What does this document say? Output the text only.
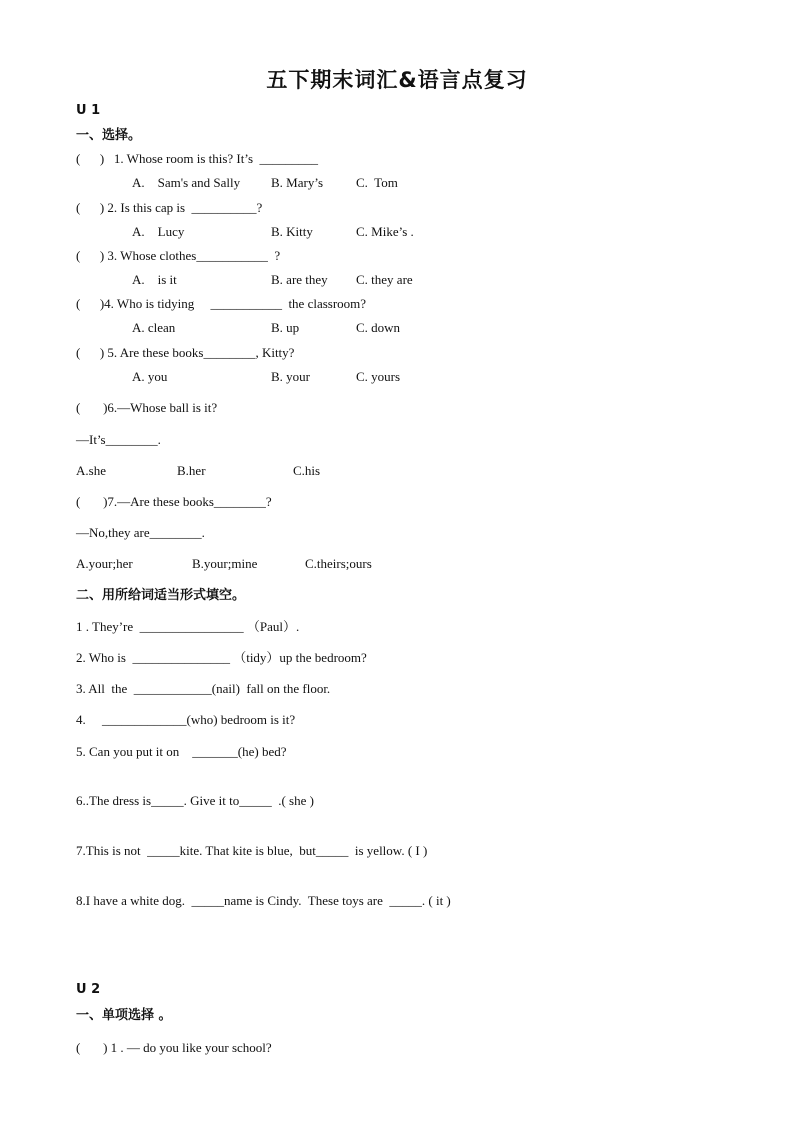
五下期末词汇&语言点复习
U 1
一、选择。
(      )   1. Whose room is this? It’s  _________
A.    Sam's and Sally B. Mary’s	C.  Tom
(      ) 2. Is this cap is  __________?
A.    Lucy	B. Kitty	C. Mike’s .
(      ) 3. Whose clothes___________  ?
A.    is it	B. are they C. they are
(      )4. Who is tidying     ___________  the classroom?
A. clean	B. up	C. down
(      ) 5. Are these books________, Kitty?
A. you	B. your	C. yours
(       )6.—Whose ball is it?
—It’s________.
A.she	B.her	C.his
(       )7.—Are these books________?
—No,they are________.
A.your;her	B.your;mine	C.theirs;ours
二、用所给词适当形式填空。
1 . They’re  ________________ （Paul）.
2. Who is  _______________ （tidy）up the bedroom?
3. All  the  ____________(nail)  fall on the floor.
4.     _____________(who) bedroom is it?
5. Can you put it on    _______(he) bed?
6..The dress is_____. Give it to_____  .( she )
7.This is not  _____kite. That kite is blue,  but_____  is yellow. ( I )
8.I have a white dog.  _____name is Cindy.  These toys are  _____. ( it )
U 2
一、单项选择 。
(       ) 1 . — do you like your school?
